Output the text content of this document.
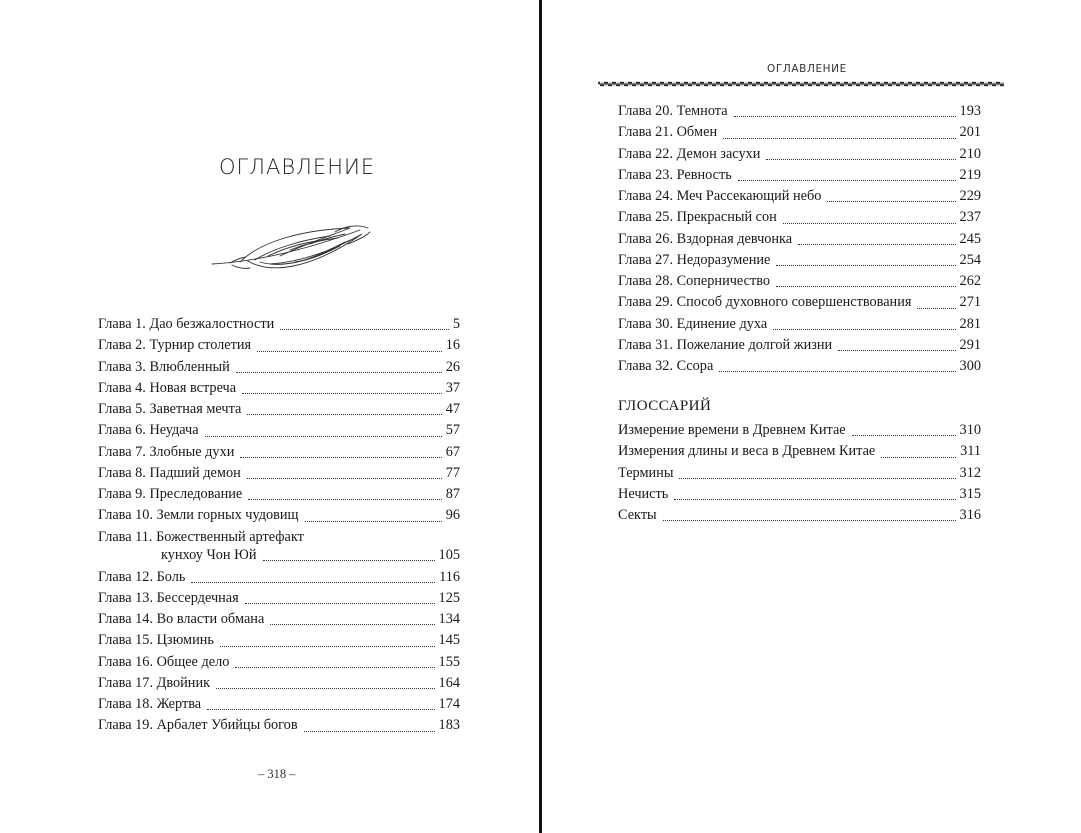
ОГЛАВЛЕНИЕ
Глава 1. Дао безжалостности	5
Глава 2. Турнир столетия	16
Глава 3. Влюбленный	26
Глава 4. Новая встреча	37
Глава 5. Заветная мечта	47
Глава 6. Неудача	57
Глава 7. Злобные духи	67
Глава 8. Падший демон	77
Глава 9. Преследование	87
Глава 10. Земли горных чудовищ	96
Глава 11. Божественный артефакт
кунхоу Чон Юй	105
Глава 12. Боль	116
Глава 13. Бессердечная	125
Глава 14. Во власти обмана	134
Глава 15. Цзюминь	145
Глава 16. Общее дело	155
Глава 17. Двойник	164
Глава 18. Жертва	174
Глава 19. Арбалет Убийцы богов	183
– 318 –
ОГЛАВЛЕНИЕ
Глава 20. Темнота	193
Глава 21. Обмен	201
Глава 22. Демон засухи	210
Глава 23. Ревность	219
Глава 24. Меч Рассекающий небо	229
Глава 25. Прекрасный сон	237
Глава 26. Вздорная девчонка	245
Глава 27. Недоразумение	254
Глава 28. Соперничество	262
Глава 29. Способ духовного совершенствования	271
Глава 30. Единение духа	281
Глава 31. Пожелание долгой жизни	291
Глава 32. Ссора	300
ГЛОССАРИЙ
Измерение времени в Древнем Китае	310
Измерения длины и веса в Древнем Китае	311
Термины	312
Нечисть	315
Секты	316
